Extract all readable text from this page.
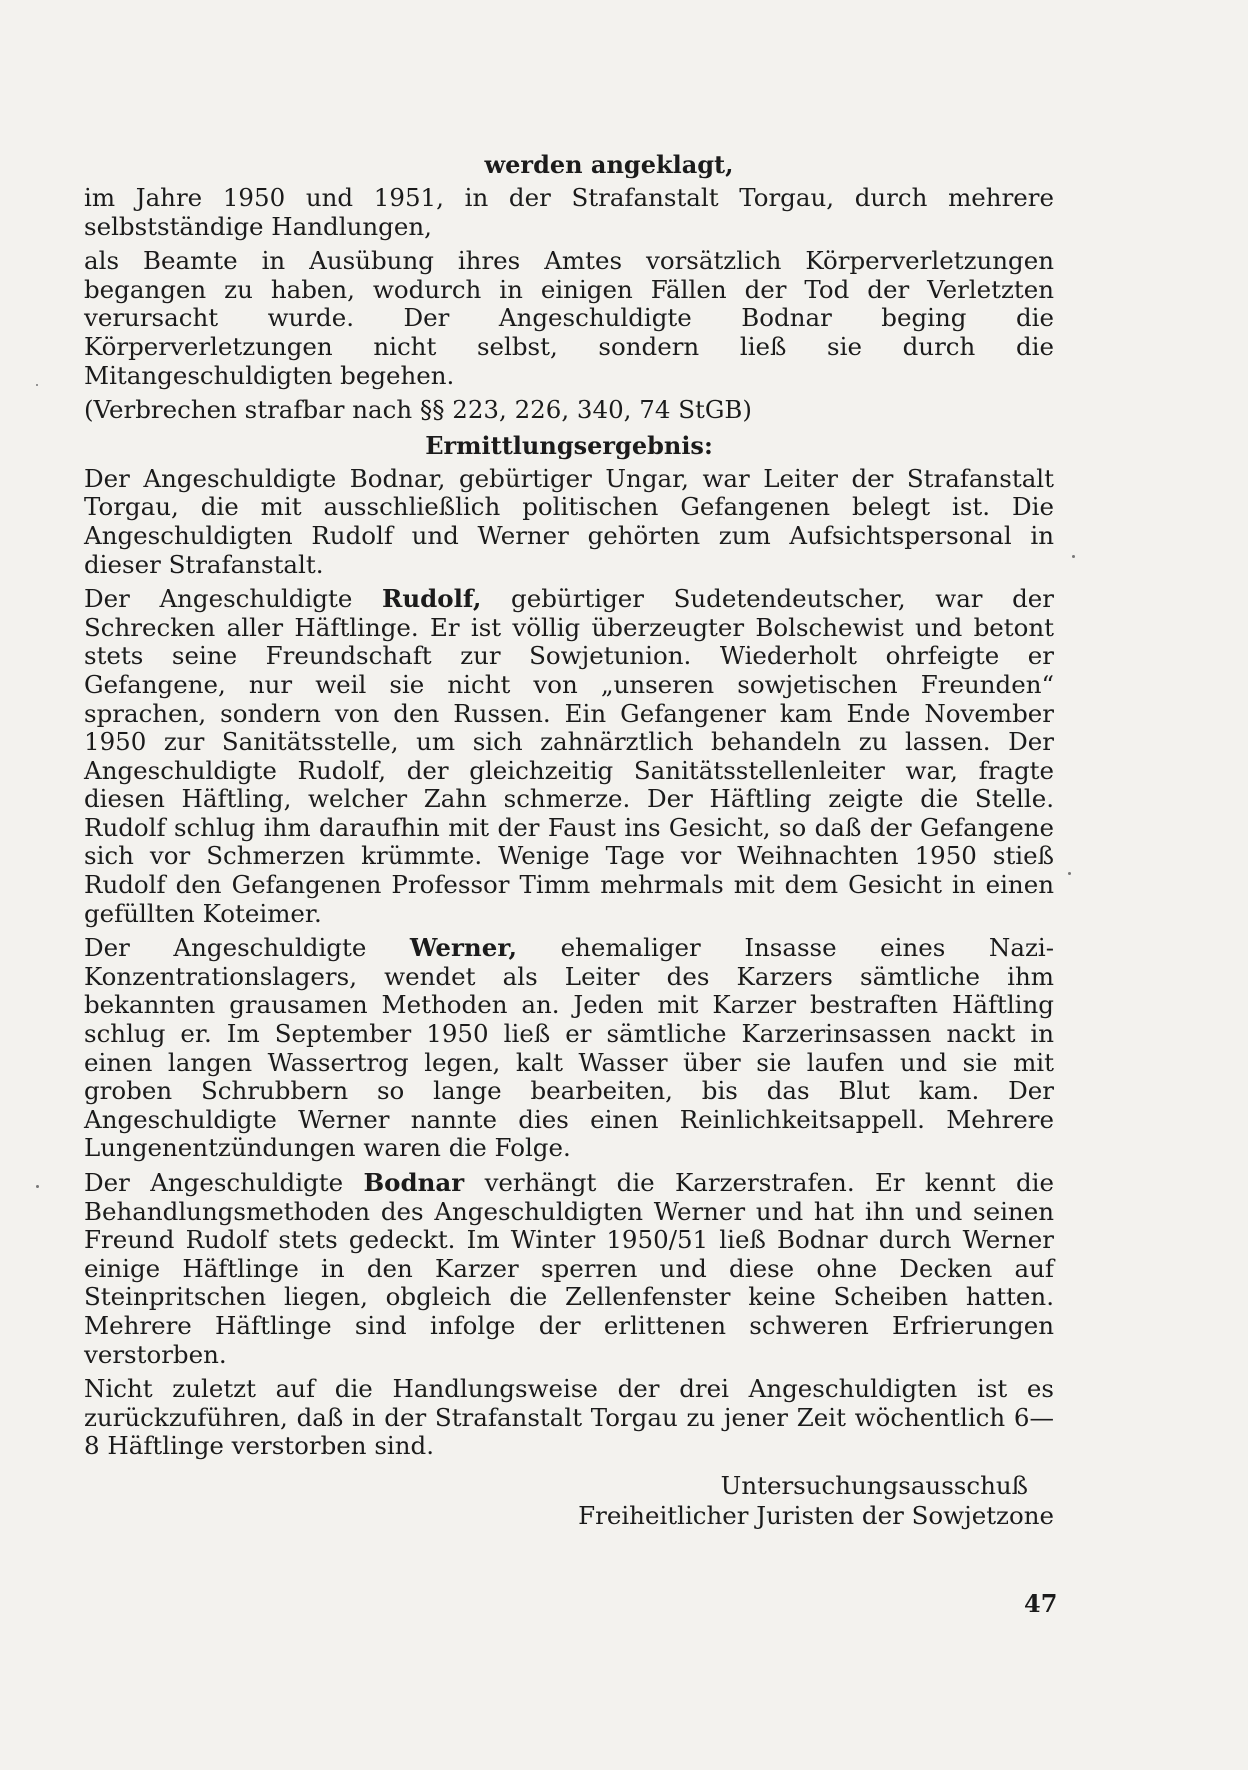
werden angeklagt,

im Jahre 1950 und 1951, in der Strafanstalt Torgau, durch mehrere selbstständige Handlungen,

als Beamte in Ausübung ihres Amtes vorsätzlich Körperverletzungen begangen zu haben, wodurch in einigen Fällen der Tod der Verletzten verursacht wurde. Der Angeschuldigte Bodnar beging die Körperverletzungen nicht selbst, sondern ließ sie durch die Mitangeschuldigten begehen.

(Verbrechen strafbar nach §§ 223, 226, 340, 74 StGB)

Ermittlungsergebnis:

Der Angeschuldigte Bodnar, gebürtiger Ungar, war Leiter der Strafanstalt Torgau, die mit ausschließlich politischen Gefangenen belegt ist. Die Angeschuldigten Rudolf und Werner gehörten zum Aufsichtspersonal in dieser Strafanstalt.

Der Angeschuldigte Rudolf, gebürtiger Sudetendeutscher, war der Schrecken aller Häftlinge. Er ist völlig überzeugter Bolschewist und betont stets seine Freundschaft zur Sowjetunion. Wiederholt ohrfeigte er Gefangene, nur weil sie nicht von „unseren sowjetischen Freunden“ sprachen, sondern von den Russen. Ein Gefangener kam Ende November 1950 zur Sanitätsstelle, um sich zahnärztlich behandeln zu lassen. Der Angeschuldigte Rudolf, der gleichzeitig Sanitätsstellenleiter war, fragte diesen Häftling, welcher Zahn schmerze. Der Häftling zeigte die Stelle. Rudolf schlug ihm daraufhin mit der Faust ins Gesicht, so daß der Gefangene sich vor Schmerzen krümmte. Wenige Tage vor Weihnachten 1950 stieß Rudolf den Gefangenen Professor Timm mehrmals mit dem Gesicht in einen gefüllten Koteimer.

Der Angeschuldigte Werner, ehemaliger Insasse eines Nazi-Konzentrationslagers, wendet als Leiter des Karzers sämtliche ihm bekannten grausamen Methoden an. Jeden mit Karzer bestraften Häftling schlug er. Im September 1950 ließ er sämtliche Karzerinsassen nackt in einen langen Wassertrog legen, kalt Wasser über sie laufen und sie mit groben Schrubbern so lange bearbeiten, bis das Blut kam. Der Angeschuldigte Werner nannte dies einen Reinlichkeitsappell. Mehrere Lungenentzündungen waren die Folge.

Der Angeschuldigte Bodnar verhängt die Karzerstrafen. Er kennt die Behandlungsmethoden des Angeschuldigten Werner und hat ihn und seinen Freund Rudolf stets gedeckt. Im Winter 1950/51 ließ Bodnar durch Werner einige Häftlinge in den Karzer sperren und diese ohne Decken auf Steinpritschen liegen, obgleich die Zellenfenster keine Scheiben hatten. Mehrere Häftlinge sind infolge der erlittenen schweren Erfrierungen verstorben.

Nicht zuletzt auf die Handlungsweise der drei Angeschuldigten ist es zurückzuführen, daß in der Strafanstalt Torgau zu jener Zeit wöchentlich 6—8 Häftlinge verstorben sind.

Untersuchungsausschuß
Freiheitlicher Juristen der Sowjetzone
47
